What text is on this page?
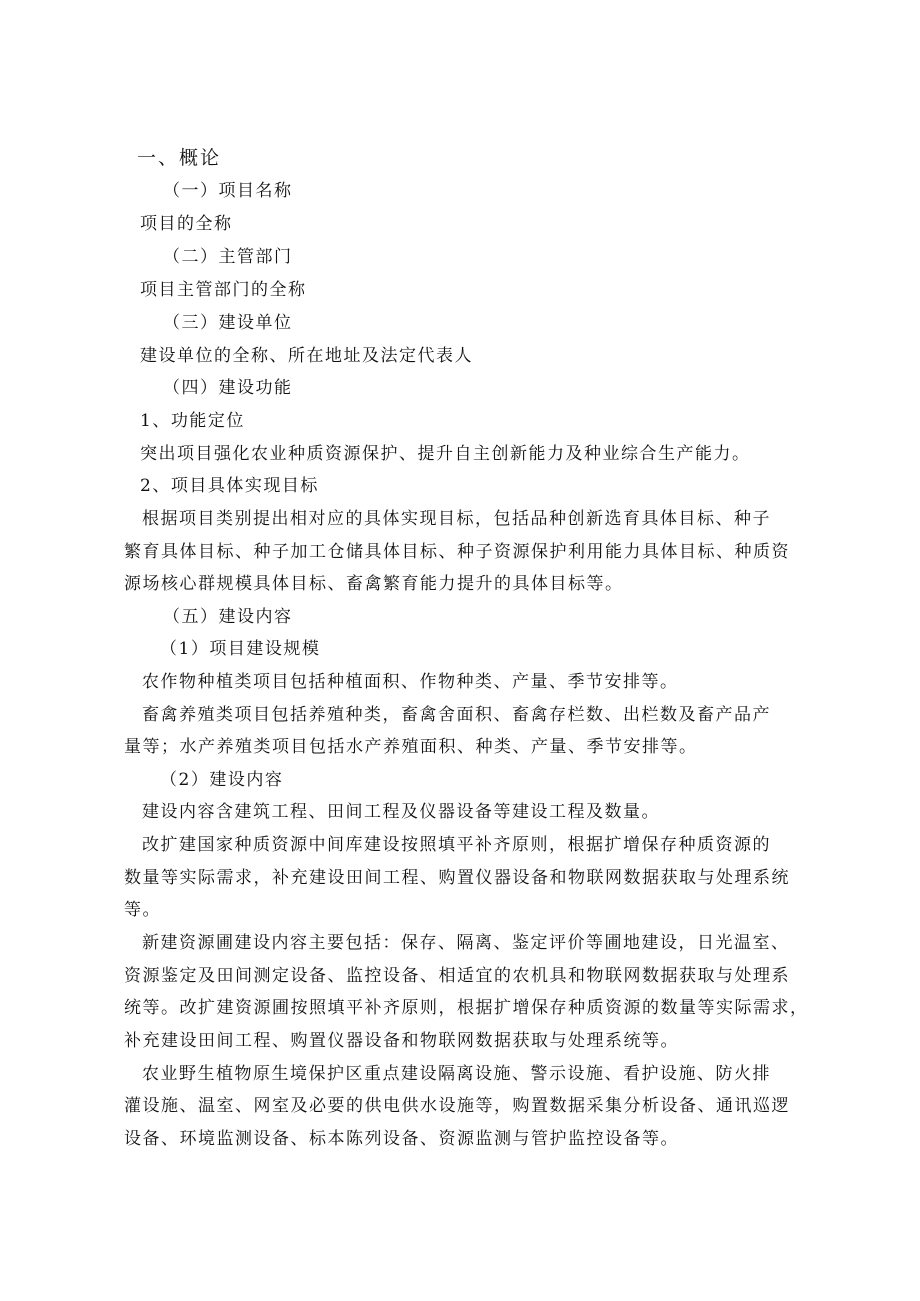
一、概论

（一）项目名称

项目的全称

（二）主管部门

项目主管部门的全称

（三）建设单位

建设单位的全称、所在地址及法定代表人

（四）建设功能

1、功能定位

突出项目强化农业种质资源保护、提升自主创新能力及种业综合生产能力。

2、项目具体实现目标

根据项目类别提出相对应的具体实现目标，包括品种创新选育具体目标、种子

繁育具体目标、种子加工仓储具体目标、种子资源保护利用能力具体目标、种质资

源场核心群规模具体目标、畜禽繁育能力提升的具体目标等。

（五）建设内容

（1）项目建设规模

农作物种植类项目包括种植面积、作物种类、产量、季节安排等。

畜禽养殖类项目包括养殖种类，畜禽舍面积、畜禽存栏数、出栏数及畜产品产

量等；水产养殖类项目包括水产养殖面积、种类、产量、季节安排等。

（2）建设内容

建设内容含建筑工程、田间工程及仪器设备等建设工程及数量。

改扩建国家种质资源中间库建设按照填平补齐原则，根据扩增保存种质资源的

数量等实际需求，补充建设田间工程、购置仪器设备和物联网数据获取与处理系统

等。

新建资源圃建设内容主要包括：保存、隔离、鉴定评价等圃地建设，日光温室、

资源鉴定及田间测定设备、监控设备、相适宜的农机具和物联网数据获取与处理系

统等。改扩建资源圃按照填平补齐原则，根据扩增保存种质资源的数量等实际需求，

补充建设田间工程、购置仪器设备和物联网数据获取与处理系统等。

农业野生植物原生境保护区重点建设隔离设施、警示设施、看护设施、防火排

灌设施、温室、网室及必要的供电供水设施等，购置数据采集分析设备、通讯巡逻

设备、环境监测设备、标本陈列设备、资源监测与管护监控设备等。
